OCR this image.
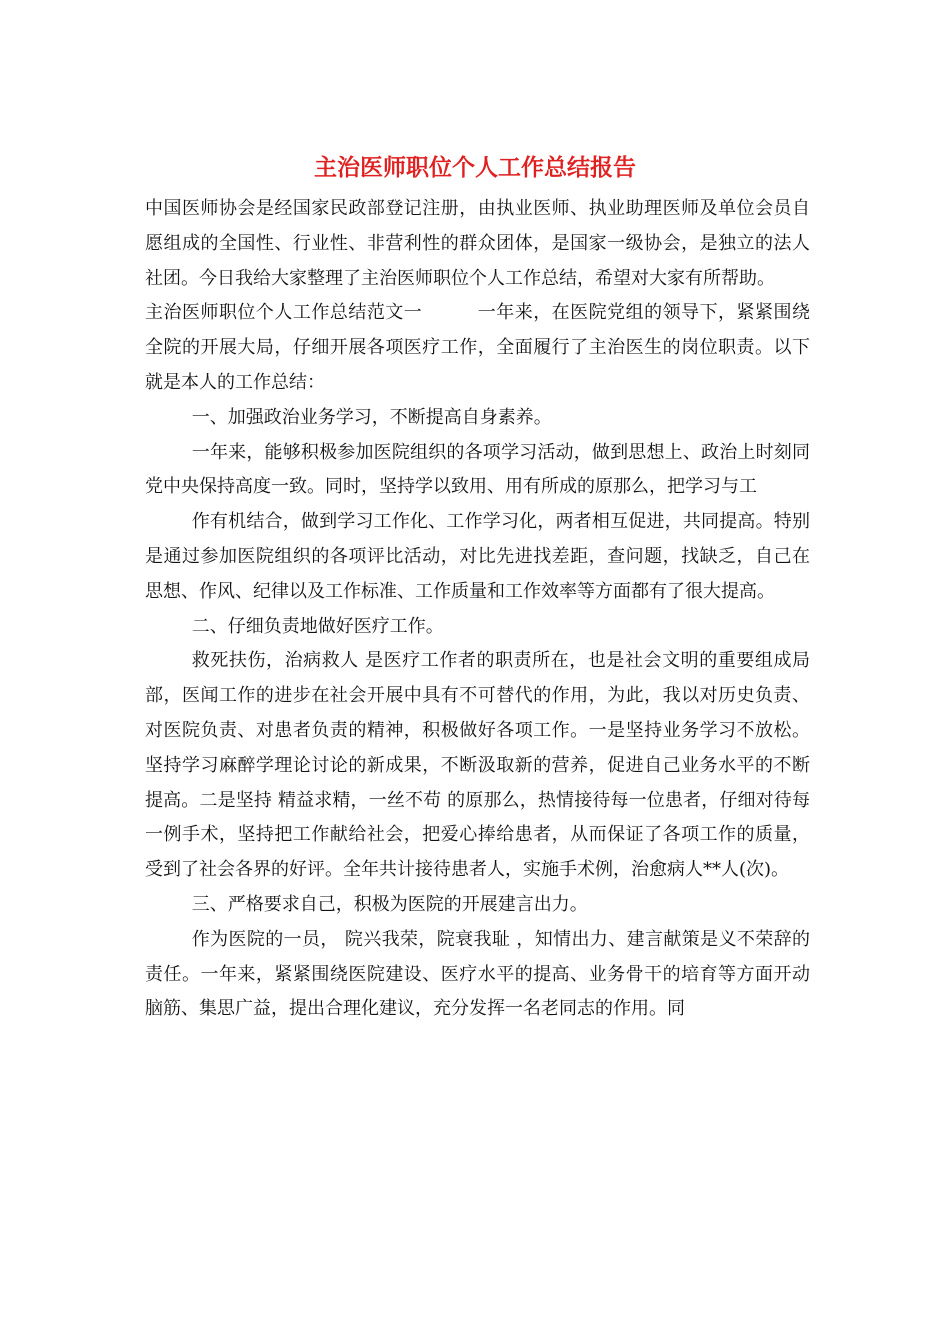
主治医师职位个人工作总结报告

中国医师协会是经国家民政部登记注册，由执业医师、执业助理医师及单位会员自愿组成的全国性、行业性、非营利性的群众团体，是国家一级协会，是独立的法人社团。今日我给大家整理了主治医师职位个人工作总结，希望对大家有所帮助。

主治医师职位个人工作总结范文一　　　一年来，在医院党组的领导下，紧紧围绕全院的开展大局，仔细开展各项医疗工作，全面履行了主治医生的岗位职责。以下就是本人的工作总结：

一、加强政治业务学习，不断提高自身素养。

一年来，能够积极参加医院组织的各项学习活动，做到思想上、政治上时刻同党中央保持高度一致。同时，坚持学以致用、用有所成的原那么，把学习与工

作有机结合，做到学习工作化、工作学习化，两者相互促进，共同提高。特别是通过参加医院组织的各项评比活动，对比先进找差距，查问题，找缺乏，自己在思想、作风、纪律以及工作标准、工作质量和工作效率等方面都有了很大提高。

二、仔细负责地做好医疗工作。

救死扶伤，治病救人 是医疗工作者的职责所在，也是社会文明的重要组成局部，医闻工作的进步在社会开展中具有不可替代的作用，为此，我以对历史负责、对医院负责、对患者负责的精神，积极做好各项工作。一是坚持业务学习不放松。坚持学习麻醉学理论讨论的新成果，不断汲取新的营养，促进自己业务水平的不断提高。二是坚持 精益求精，一丝不苟 的原那么，热情接待每一位患者，仔细对待每一例手术，坚持把工作献给社会，把爱心捧给患者，从而保证了各项工作的质量，受到了社会各界的好评。全年共计接待患者人，实施手术例，治愈病人**人(次)。

三、严格要求自己，积极为医院的开展建言出力。

作为医院的一员， 院兴我荣，院衰我耻 ，知情出力、建言献策是义不荣辞的责任。一年来，紧紧围绕医院建设、医疗水平的提高、业务骨干的培育等方面开动脑筋、集思广益，提出合理化建议，充分发挥一名老同志的作用。同
